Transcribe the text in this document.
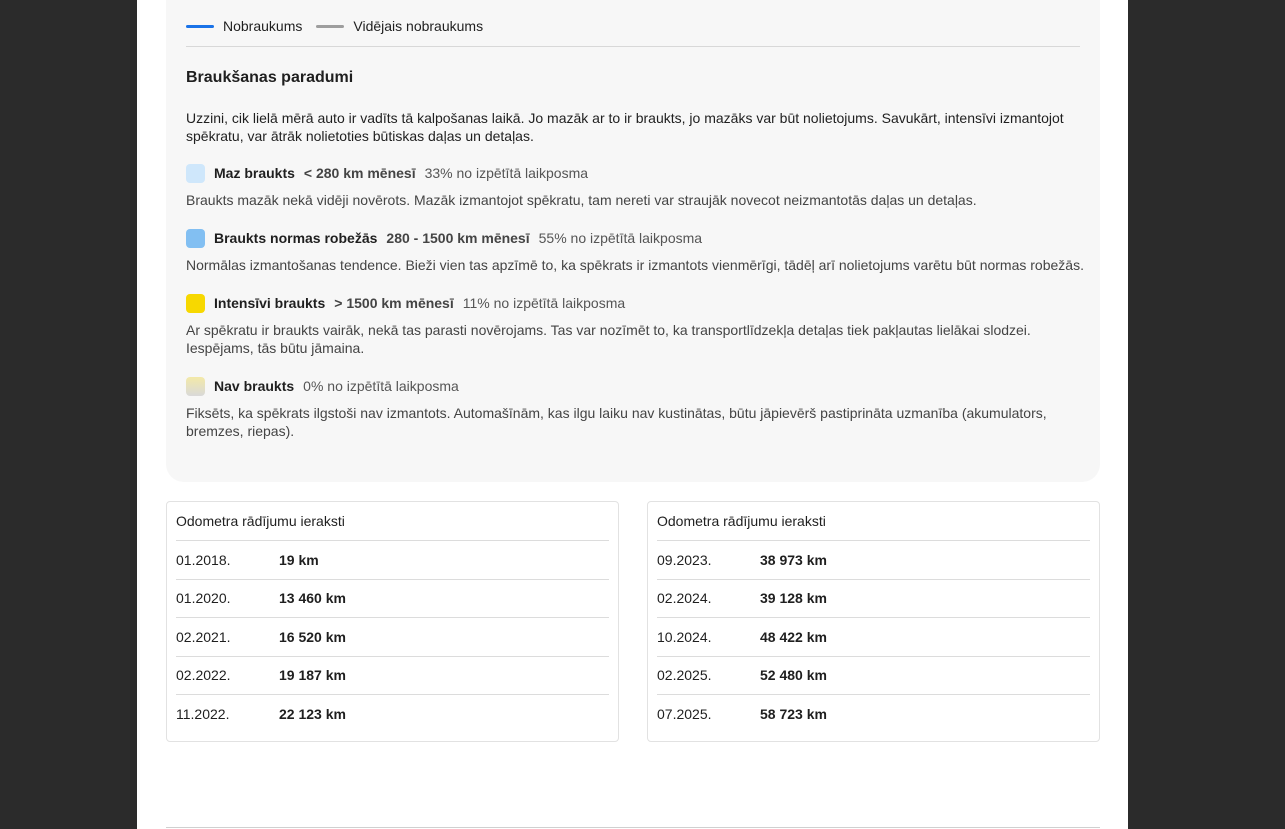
Nobraukums	Vidējais nobraukums
Braukšanas paradumi

Uzzini, cik lielā mērā auto ir vadīts tā kalpošanas laikā. Jo mazāk ar to ir braukts, jo mazāks var būt nolietojums. Savukārt, intensīvi izmantojot spēkratu, var ātrāk nolietoties būtiskas daļas un detaļas.

Maz braukts < 280 km mēnesī 33% no izpētītā laikposma

Braukts mazāk nekā vidēji novērots. Mazāk izmantojot spēkratu, tam nereti var straujāk novecot neizmantotās daļas un detaļas.

Braukts normas robežās 280 - 1500 km mēnesī 55% no izpētītā laikposma

Normālas izmantošanas tendence. Bieži vien tas apzīmē to, ka spēkrats ir izmantots vienmērīgi, tādēļ arī nolietojums varētu būt normas robežās.

Intensīvi braukts > 1500 km mēnesī 11% no izpētītā laikposma

Ar spēkratu ir braukts vairāk, nekā tas parasti novērojams. Tas var nozīmēt to, ka transportlīdzekļa detaļas tiek pakļautas lielākai slodzei. Iespējams, tās būtu jāmaina.

Nav braukts 0% no izpētītā laikposma

Fiksēts, ka spēkrats ilgstoši nav izmantots. Automašīnām, kas ilgu laiku nav kustinātas, būtu jāpievērš pastiprināta uzmanība (akumulators, bremzes, riepas).

Odometra rādījumu ieraksti
01.2018.	19 km
01.2020.	13 460 km
02.2021.	16 520 km
02.2022.	19 187 km
11.2022.	22 123 km
Odometra rādījumu ieraksti
09.2023.	38 973 km
02.2024.	39 128 km
10.2024.	48 422 km
02.2025.	52 480 km
07.2025.	58 723 km
